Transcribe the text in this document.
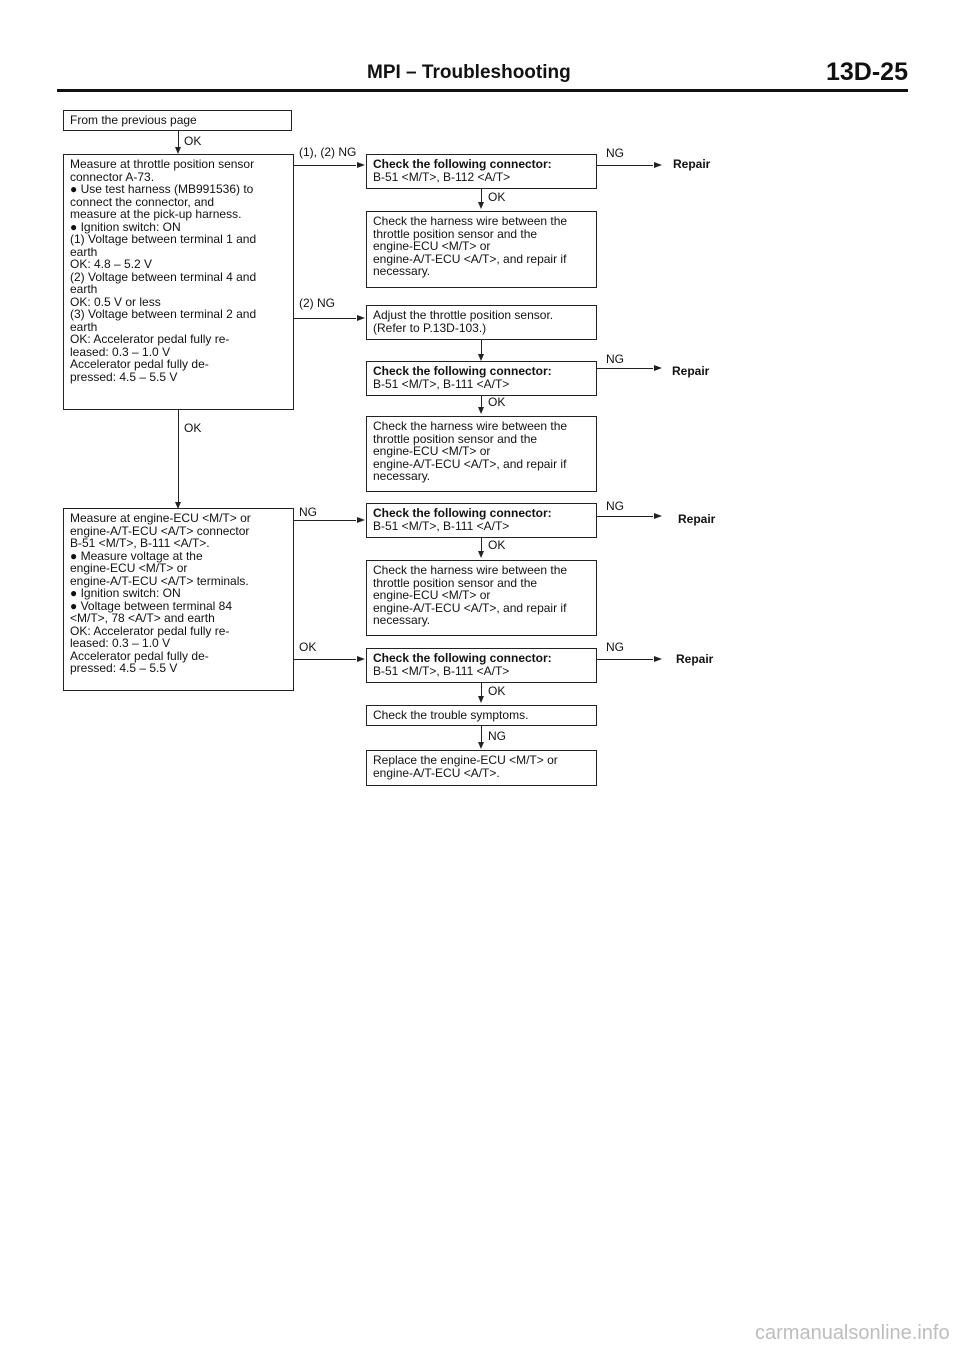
MPI – Troubleshooting	13D-25
From the previous page
OK
Measure at throttle position sensor
connector A-73.
● Use test harness (MB991536) to
connect the connector, and
measure at the pick-up harness.
● Ignition switch: ON
(1) Voltage between terminal 1 and
earth
OK: 4.8 – 5.2 V
(2) Voltage between terminal 4 and
earth
OK: 0.5 V or less
(3) Voltage between terminal 2 and
earth
OK: Accelerator pedal fully re-
leased: 0.3 – 1.0 V
Accelerator pedal fully de-
pressed: 4.5 – 5.5 V
OK
Measure at engine-ECU <M/T> or
engine-A/T-ECU <A/T> connector
B-51 <M/T>, B-111 <A/T>.
● Measure voltage at the
engine-ECU <M/T> or
engine-A/T-ECU <A/T> terminals.
● Ignition switch: ON
● Voltage between terminal 84
<M/T>, 78 <A/T> and earth
OK: Accelerator pedal fully re-
leased: 0.3 – 1.0 V
Accelerator pedal fully de-
pressed: 4.5 – 5.5 V
(1), (2) NG
Check the following connector:
B-51 <M/T>, B-112 <A/T>
NG
Repair
OK
Check the harness wire between the
throttle position sensor and the
engine-ECU <M/T> or
engine-A/T-ECU <A/T>, and repair if
necessary.
(2) NG
Adjust the throttle position sensor.
(Refer to P.13D-103.)
Check the following connector:
B-51 <M/T>, B-111 <A/T>
NG
Repair
OK
Check the harness wire between the
throttle position sensor and the
engine-ECU <M/T> or
engine-A/T-ECU <A/T>, and repair if
necessary.
NG	Check the following connector:
B-51 <M/T>, B-111 <A/T>
NG
Repair
OK
Check the harness wire between the
throttle position sensor and the
engine-ECU <M/T> or
engine-A/T-ECU <A/T>, and repair if
necessary.
OK
Check the following connector:
B-51 <M/T>, B-111 <A/T>
NG
Repair
OK
Check the trouble symptoms.
NG
Replace the engine-ECU <M/T> or
engine-A/T-ECU <A/T>.
carmanualsonline.info
